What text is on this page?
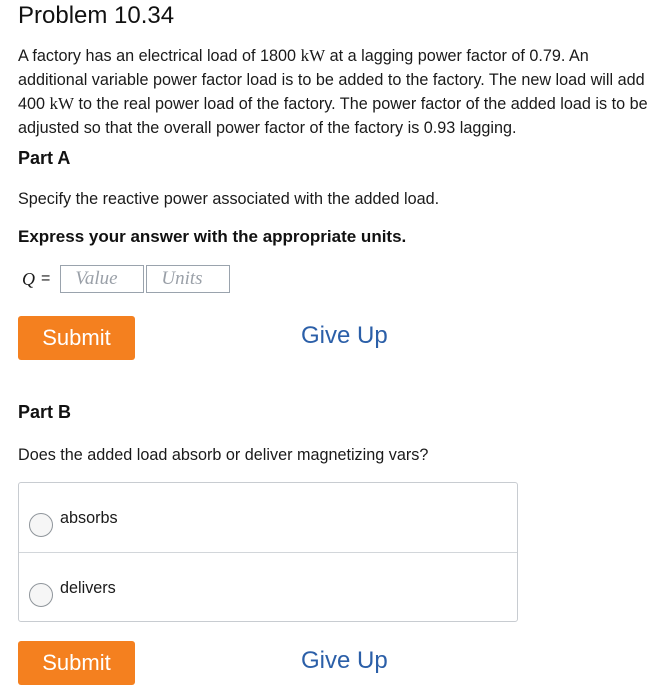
Problem 10.34
A factory has an electrical load of 1800 kW at a lagging power factor of 0.79. An additional variable power factor load is to be added to the factory. The new load will add 400 kW to the real power load of the factory. The power factor of the added load is to be adjusted so that the overall power factor of the factory is 0.93 lagging.
Part A
Specify the reactive power associated with the added load.
Express your answer with the appropriate units.
Q =
Value
Units
Submit	Give Up
Part B
Does the added load absorb or deliver magnetizing vars?
absorbs
delivers
Submit	Give Up
